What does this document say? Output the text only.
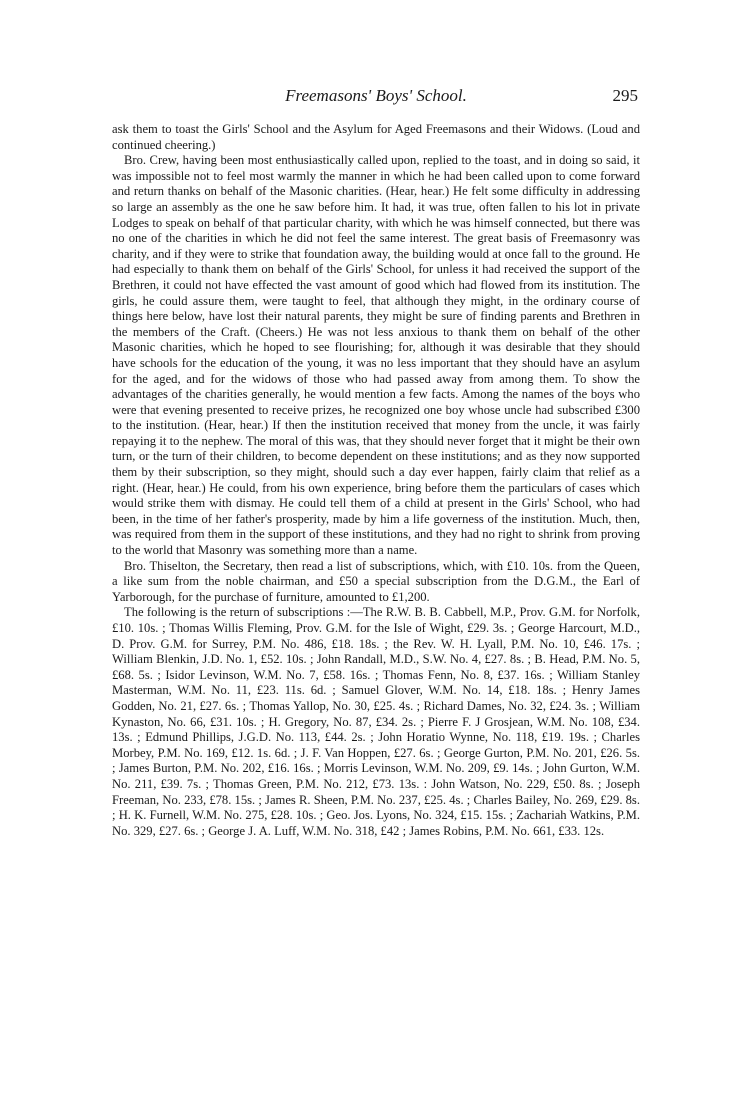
Freemasons' Boys' School.	295

ask them to toast the Girls' School and the Asylum for Aged Freemasons and their Widows. (Loud and continued cheering.)

Bro. Crew, having been most enthusiastically called upon, replied to the toast, and in doing so said, it was impossible not to feel most warmly the manner in which he had been called upon to come forward and return thanks on behalf of the Masonic charities. (Hear, hear.) He felt some difficulty in addressing so large an assembly as the one he saw before him. It had, it was true, often fallen to his lot in private Lodges to speak on behalf of that particular charity, with which he was himself connected, but there was no one of the charities in which he did not feel the same interest. The great basis of Freemasonry was charity, and if they were to strike that foundation away, the building would at once fall to the ground. He had especially to thank them on behalf of the Girls' School, for unless it had received the support of the Brethren, it could not have effected the vast amount of good which had flowed from its institution. The girls, he could assure them, were taught to feel, that although they might, in the ordinary course of things here below, have lost their natural parents, they might be sure of finding parents and Brethren in the members of the Craft. (Cheers.) He was not less anxious to thank them on behalf of the other Masonic charities, which he hoped to see flourishing; for, although it was desirable that they should have schools for the education of the young, it was no less important that they should have an asylum for the aged, and for the widows of those who had passed away from among them. To show the advantages of the charities generally, he would mention a few facts. Among the names of the boys who were that evening presented to receive prizes, he recognized one boy whose uncle had subscribed £300 to the institution. (Hear, hear.) If then the institution received that money from the uncle, it was fairly repaying it to the nephew. The moral of this was, that they should never forget that it might be their own turn, or the turn of their children, to become dependent on these institutions; and as they now supported them by their subscription, so they might, should such a day ever happen, fairly claim that relief as a right. (Hear, hear.) He could, from his own experience, bring before them the particulars of cases which would strike them with dismay. He could tell them of a child at present in the Girls' School, who had been, in the time of her father's prosperity, made by him a life governess of the institution. Much, then, was required from them in the support of these institutions, and they had no right to shrink from proving to the world that Masonry was something more than a name.

Bro. Thiselton, the Secretary, then read a list of subscriptions, which, with £10. 10s. from the Queen, a like sum from the noble chairman, and £50 a special subscription from the D.G.M., the Earl of Yarborough, for the purchase of furniture, amounted to £1,200.

The following is the return of subscriptions :—The R.W. B. B. Cabbell, M.P., Prov. G.M. for Norfolk, £10. 10s. ; Thomas Willis Fleming, Prov. G.M. for the Isle of Wight, £29. 3s. ; George Harcourt, M.D., D. Prov. G.M. for Surrey, P.M. No. 486, £18. 18s. ; the Rev. W. H. Lyall, P.M. No. 10, £46. 17s. ; William Blenkin, J.D. No. 1, £52. 10s. ; John Randall, M.D., S.W. No. 4, £27. 8s. ; B. Head, P.M. No. 5, £68. 5s. ; Isidor Levinson, W.M. No. 7, £58. 16s. ; Thomas Fenn, No. 8, £37. 16s. ; William Stanley Masterman, W.M. No. 11, £23. 11s. 6d. ; Samuel Glover, W.M. No. 14, £18. 18s. ; Henry James Godden, No. 21, £27. 6s. ; Thomas Yallop, No. 30, £25. 4s. ; Richard Dames, No. 32, £24. 3s. ; William Kynaston, No. 66, £31. 10s. ; H. Gregory, No. 87, £34. 2s. ; Pierre F. J Grosjean, W.M. No. 108, £34. 13s. ; Edmund Phillips, J.G.D. No. 113, £44. 2s. ; John Horatio Wynne, No. 118, £19. 19s. ; Charles Morbey, P.M. No. 169, £12. 1s. 6d. ; J. F. Van Hoppen, £27. 6s. ; George Gurton, P.M. No. 201, £26. 5s. ; James Burton, P.M. No. 202, £16. 16s. ; Morris Levinson, W.M. No. 209, £9. 14s. ; John Gurton, W.M. No. 211, £39. 7s. ; Thomas Green, P.M. No. 212, £73. 13s. : John Watson, No. 229, £50. 8s. ; Joseph Freeman, No. 233, £78. 15s. ; James R. Sheen, P.M. No. 237, £25. 4s. ; Charles Bailey, No. 269, £29. 8s. ; H. K. Furnell, W.M. No. 275, £28. 10s. ; Geo. Jos. Lyons, No. 324, £15. 15s. ; Zachariah Watkins, P.M. No. 329, £27. 6s. ; George J. A. Luff, W.M. No. 318, £42 ; James Robins, P.M. No. 661, £33. 12s.
